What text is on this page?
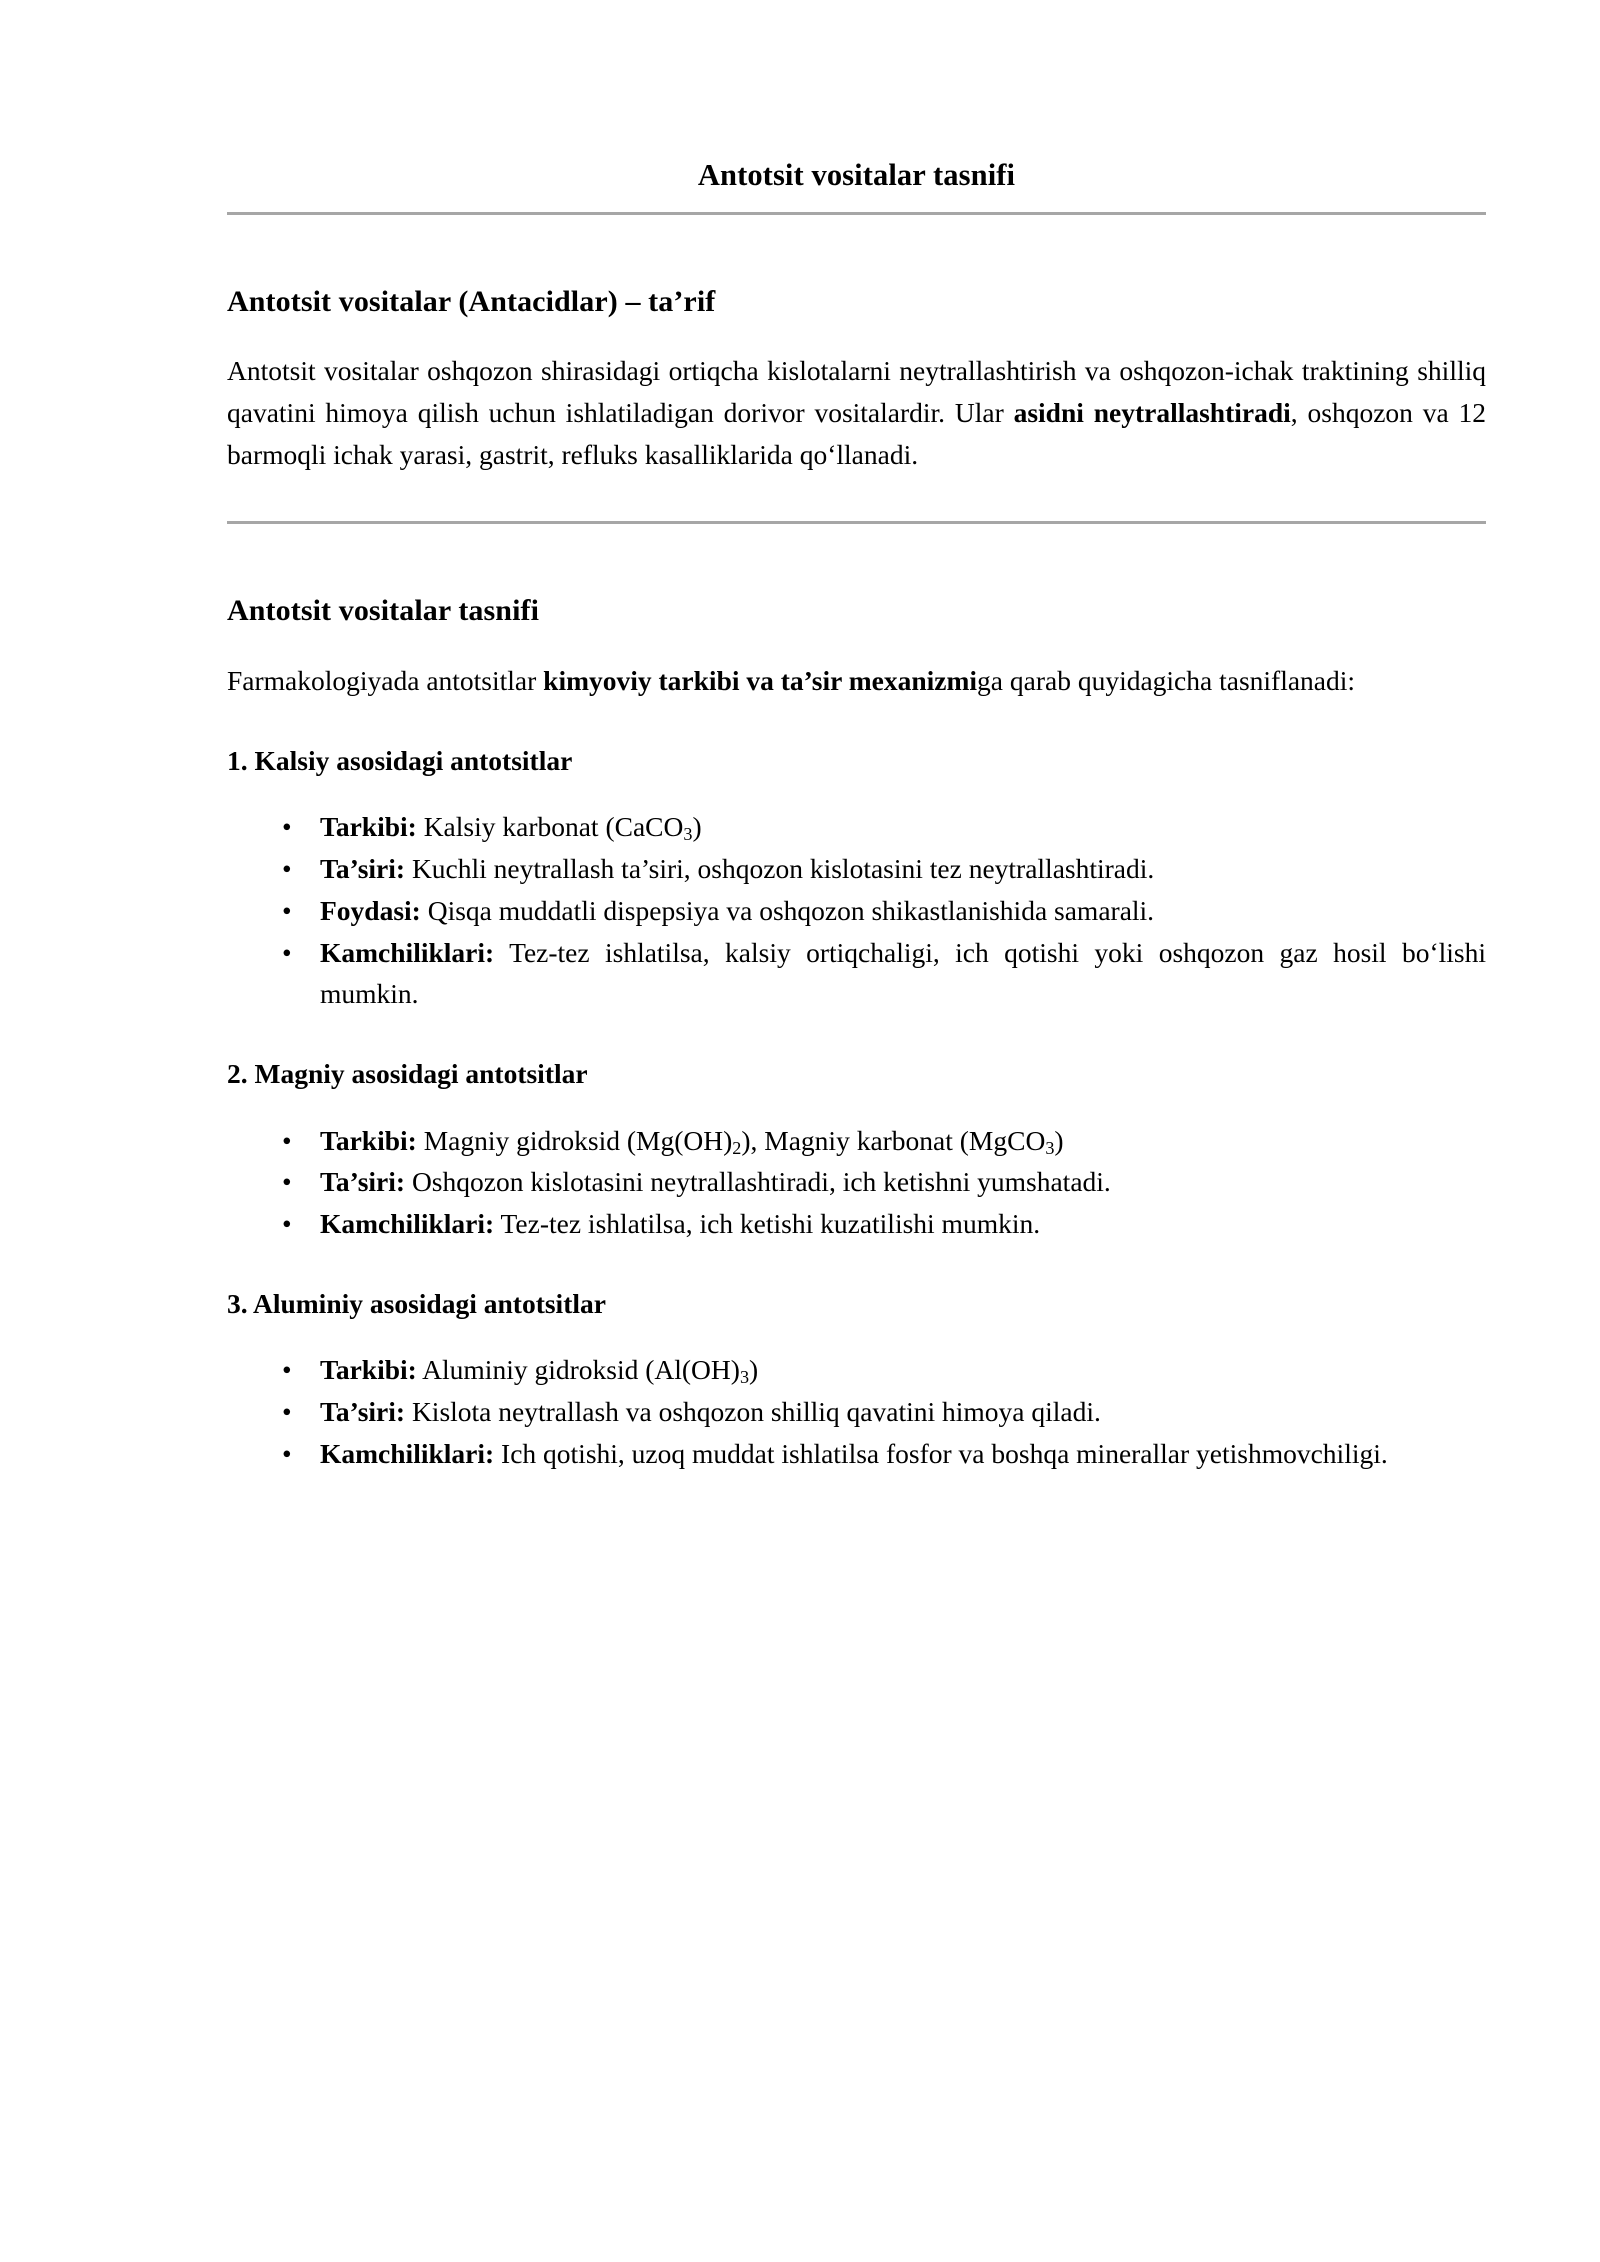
Antotsit vositalar tasnifi
Antotsit vositalar (Antacidlar) – ta’rif

Antotsit vositalar oshqozon shirasidagi ortiqcha kislotalarni neytrallashtirish va oshqozon-ichak traktining shilliq qavatini himoya qilish uchun ishlatiladigan dorivor vositalardir. Ular asidni neytrallashtiradi, oshqozon va 12 barmoqli ichak yarasi, gastrit, refluks kasalliklarida qo‘llanadi.

Antotsit vositalar tasnifi

Farmakologiyada antotsitlar kimyoviy tarkibi va ta’sir mexanizmiga qarab quyidagicha tasniflanadi:

1. Kalsiy asosidagi antotsitlar
• Tarkibi: Kalsiy karbonat (CaCO$_3$)
• Ta’siri: Kuchli neytrallash ta’siri, oshqozon kislotasini tez neytrallashtiradi.
• Foydasi: Qisqa muddatli dispepsiya va oshqozon shikastlanishida samarali.
• Kamchiliklari: Tez-tez ishlatilsa, kalsiy ortiqchaligi, ich qotishi yoki oshqozon gaz hosil bo‘lishi mumkin.
2. Magniy asosidagi antotsitlar
• Tarkibi: Magniy gidroksid $(Mg(OH)_2)$, Magniy karbonat (MgCO$_3$)
• Ta’siri: Oshqozon kislotasini neytrallashtiradi, ich ketishni yumshatadi.
• Kamchiliklari: Tez-tez ishlatilsa, ich ketishi kuzatilishi mumkin.
3. Aluminiy asosidagi antotsitlar
• Tarkibi: Aluminiy gidroksid $(Al(OH)_3)$
• Ta’siri: Kislota neytrallash va oshqozon shilliq qavatini himoya qiladi.
• Kamchiliklari: Ich qotishi, uzoq muddat ishlatilsa fosfor va boshqa minerallar yetishmovchiligi.
